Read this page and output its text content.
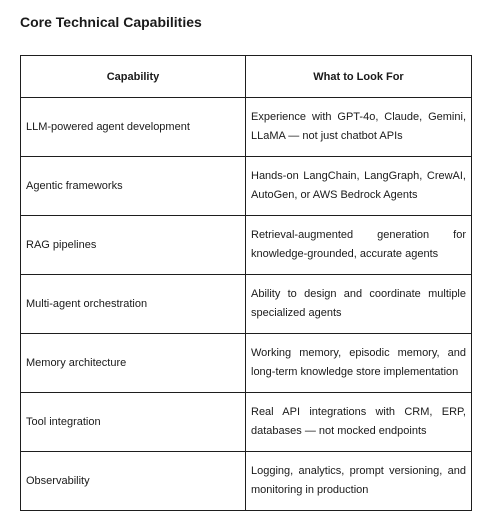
Core Technical Capabilities
Capability	What to Look For
LLM-powered agent development	Experience with GPT-4o, Claude, Gemini, LLaMA — not just chatbot APIs
Agentic frameworks	Hands-on LangChain, LangGraph, CrewAI, AutoGen, or AWS Bedrock Agents
RAG pipelines	Retrieval-augmented generation for knowledge-grounded, accurate agents
Multi-agent orchestration	Ability to design and coordinate multiple specialized agents
Memory architecture	Working memory, episodic memory, and long-term knowledge store implementation
Tool integration	Real API integrations with CRM, ERP, databases — not mocked endpoints
Observability	Logging, analytics, prompt versioning, and monitoring in production
